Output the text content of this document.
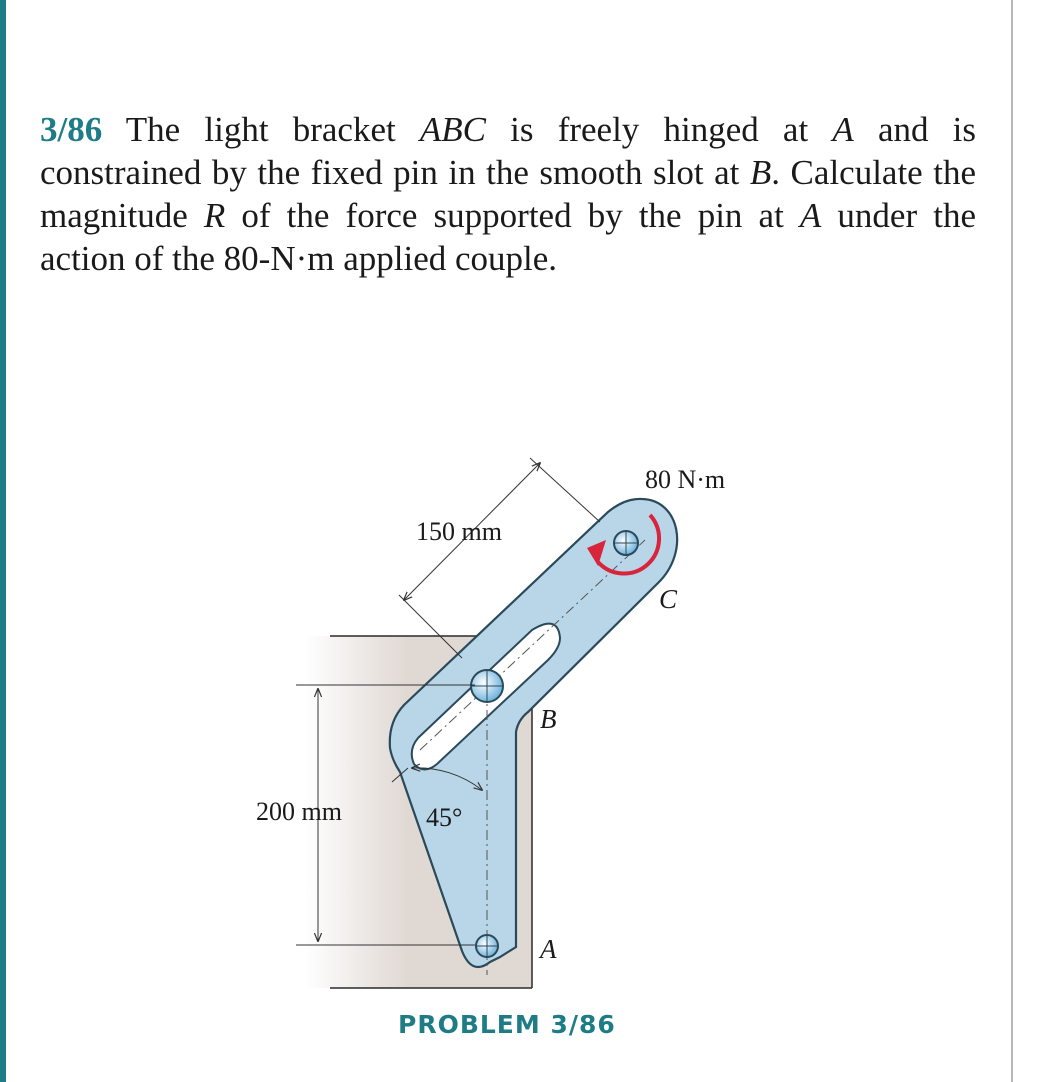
3/86 The light bracket ABC is freely hinged at A and is constrained by the fixed pin in the smooth slot at B. Calculate the magnitude R of the force supported by the pin at A under the action of the 80-N·m applied couple.

150 mm
200 mm	45°
80 N·m
B
A
C
PROBLEM 3/86
